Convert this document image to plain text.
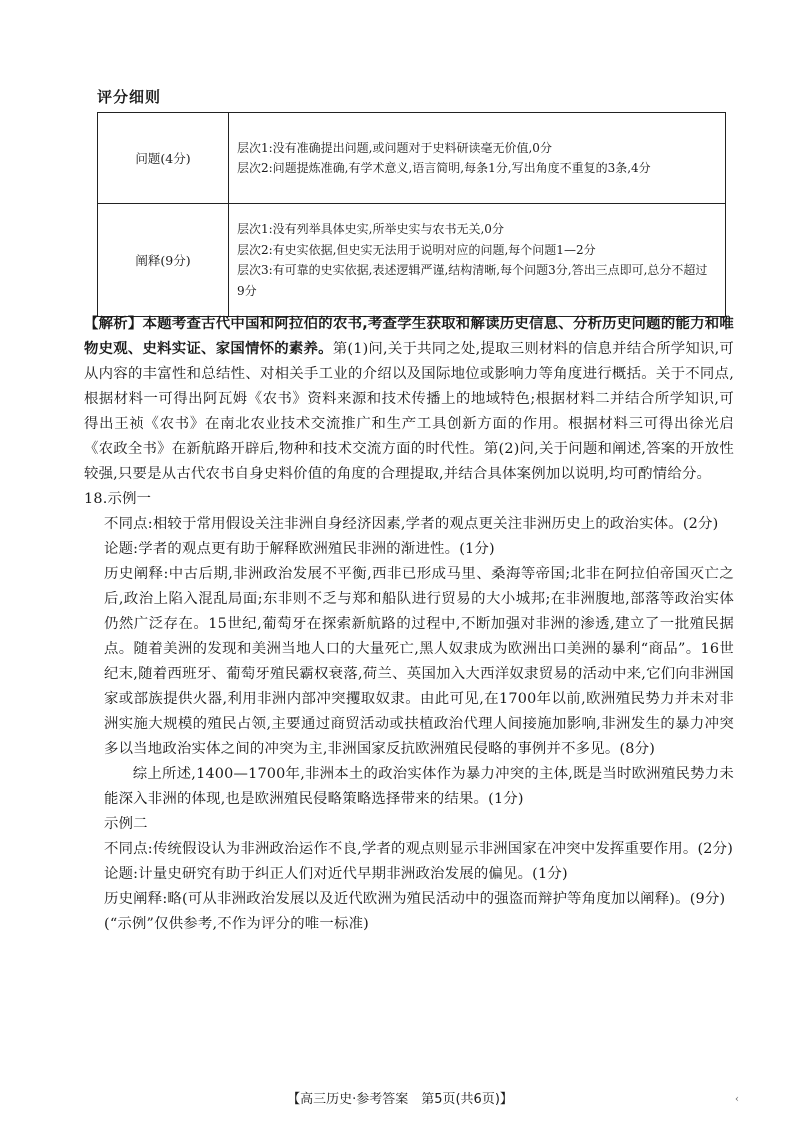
评分细则
问题(4分)	层次1:没有准确提出问题,或问题对于史料研读毫无价值,0分
层次2:问题提炼准确,有学术意义,语言简明,每条1分,写出角度不重复的3条,4分

阐释(9分)	层次1:没有列举具体史实,所举史实与农书无关,0分
层次2:有史实依据,但史实无法用于说明对应的问题,每个问题1—2分
层次3:有可靠的史实依据,表述逻辑严谨,结构清晰,每个问题3分,答出三点即可,总分不超过9分

【解析】本题考查古代中国和阿拉伯的农书,考查学生获取和解读历史信息、分析历史问题的能力和唯物史观、史料实证、家国情怀的素养。第(1)问,关于共同之处,提取三则材料的信息并结合所学知识,可从内容的丰富性和总结性、对相关手工业的介绍以及国际地位或影响力等角度进行概括。关于不同点,根据材料一可得出阿瓦姆《农书》资料来源和技术传播上的地域特色;根据材料二并结合所学知识,可得出王祯《农书》在南北农业技术交流推广和生产工具创新方面的作用。根据材料三可得出徐光启《农政全书》在新航路开辟后,物种和技术交流方面的时代性。第(2)问,关于问题和阐述,答案的开放性较强,只要是从古代农书自身史料价值的角度的合理提取,并结合具体案例加以说明,均可酌情给分。

18.示例一

不同点:相较于常用假设关注非洲自身经济因素,学者的观点更关注非洲历史上的政治实体。(2分)

论题:学者的观点更有助于解释欧洲殖民非洲的渐进性。(1分)

历史阐释:中古后期,非洲政治发展不平衡,西非已形成马里、桑海等帝国;北非在阿拉伯帝国灭亡之后,政治上陷入混乱局面;东非则不乏与郑和船队进行贸易的大小城邦;在非洲腹地,部落等政治实体仍然广泛存在。15世纪,葡萄牙在探索新航路的过程中,不断加强对非洲的渗透,建立了一批殖民据点。随着美洲的发现和美洲当地人口的大量死亡,黑人奴隶成为欧洲出口美洲的暴利“商品”。16世纪末,随着西班牙、葡萄牙殖民霸权衰落,荷兰、英国加入大西洋奴隶贸易的活动中来,它们向非洲国家或部族提供火器,利用非洲内部冲突攫取奴隶。由此可见,在1700年以前,欧洲殖民势力并未对非洲实施大规模的殖民占领,主要通过商贸活动或扶植政治代理人间接施加影响,非洲发生的暴力冲突多以当地政治实体之间的冲突为主,非洲国家反抗欧洲殖民侵略的事例并不多见。(8分)

综上所述,1400—1700年,非洲本土的政治实体作为暴力冲突的主体,既是当时欧洲殖民势力未能深入非洲的体现,也是欧洲殖民侵略策略选择带来的结果。(1分)

示例二

不同点:传统假设认为非洲政治运作不良,学者的观点则显示非洲国家在冲突中发挥重要作用。(2分)

论题:计量史研究有助于纠正人们对近代早期非洲政治发展的偏见。(1分)

历史阐释:略(可从非洲政治发展以及近代欧洲为殖民活动中的强盗而辩护等角度加以阐释)。(9分)

(“示例”仅供参考,不作为评分的唯一标准)

【高三历史·参考答案　第5页(共6页)】	‹
